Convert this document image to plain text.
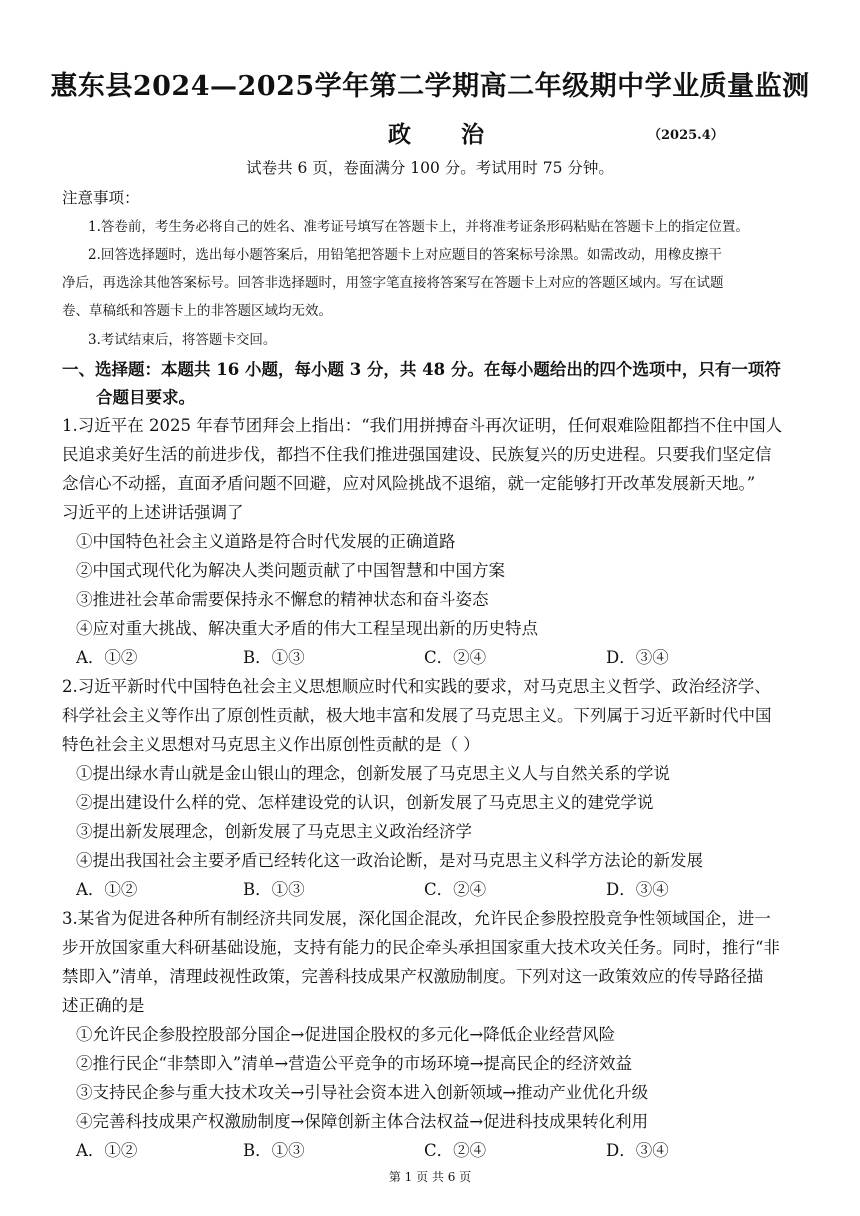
惠东县2024—2025学年第二学期高二年级期中学业质量监测
政治	（2025.4）
试卷共 6 页，卷面满分 100 分。考试用时 75 分钟。
注意事项：
1.答卷前，考生务必将自己的姓名、准考证号填写在答题卡上，并将准考证条形码粘贴在答题卡上的指定位置。
2.回答选择题时，选出每小题答案后，用铅笔把答题卡上对应题目的答案标号涂黑。如需改动，用橡皮擦干
净后，再选涂其他答案标号。回答非选择题时，用签字笔直接将答案写在答题卡上对应的答题区域内。写在试题
卷、草稿纸和答题卡上的非答题区域均无效。
3.考试结束后，将答题卡交回。
一、选择题：本题共 16 小题，每小题 3 分，共 48 分。在每小题给出的四个选项中，只有一项符
合题目要求。
1.习近平在 2025 年春节团拜会上指出：“我们用拼搏奋斗再次证明，任何艰难险阻都挡不住中国人
民追求美好生活的前进步伐，都挡不住我们推进强国建设、民族复兴的历史进程。只要我们坚定信
念信心不动摇，直面矛盾问题不回避，应对风险挑战不退缩，就一定能够打开改革发展新天地。”
习近平的上述讲话强调了
①中国特色社会主义道路是符合时代发展的正确道路
②中国式现代化为解决人类问题贡献了中国智慧和中国方案
③推进社会革命需要保持永不懈怠的精神状态和奋斗姿态
④应对重大挑战、解决重大矛盾的伟大工程呈现出新的历史特点
A．①②	B．①③	C．②④	D．③④
2.习近平新时代中国特色社会主义思想顺应时代和实践的要求，对马克思主义哲学、政治经济学、
科学社会主义等作出了原创性贡献，极大地丰富和发展了马克思主义。下列属于习近平新时代中国
特色社会主义思想对马克思主义作出原创性贡献的是（ ）
①提出绿水青山就是金山银山的理念，创新发展了马克思主义人与自然关系的学说
②提出建设什么样的党、怎样建设党的认识，创新发展了马克思主义的建党学说
③提出新发展理念，创新发展了马克思主义政治经济学
④提出我国社会主要矛盾已经转化这一政治论断，是对马克思主义科学方法论的新发展
A．①②	B．①③	C．②④	D．③④
3.某省为促进各种所有制经济共同发展，深化国企混改，允许民企参股控股竞争性领域国企，进一
步开放国家重大科研基础设施，支持有能力的民企牵头承担国家重大技术攻关任务。同时，推行“非
禁即入”清单，清理歧视性政策，完善科技成果产权激励制度。下列对这一政策效应的传导路径描
述正确的是
①允许民企参股控股部分国企→促进国企股权的多元化→降低企业经营风险
②推行民企“非禁即入”清单→营造公平竞争的市场环境→提高民企的经济效益
③支持民企参与重大技术攻关→引导社会资本进入创新领域→推动产业优化升级
④完善科技成果产权激励制度→保障创新主体合法权益→促进科技成果转化利用
A．①②	B．①③	C．②④	D．③④
第 1 页 共 6 页
